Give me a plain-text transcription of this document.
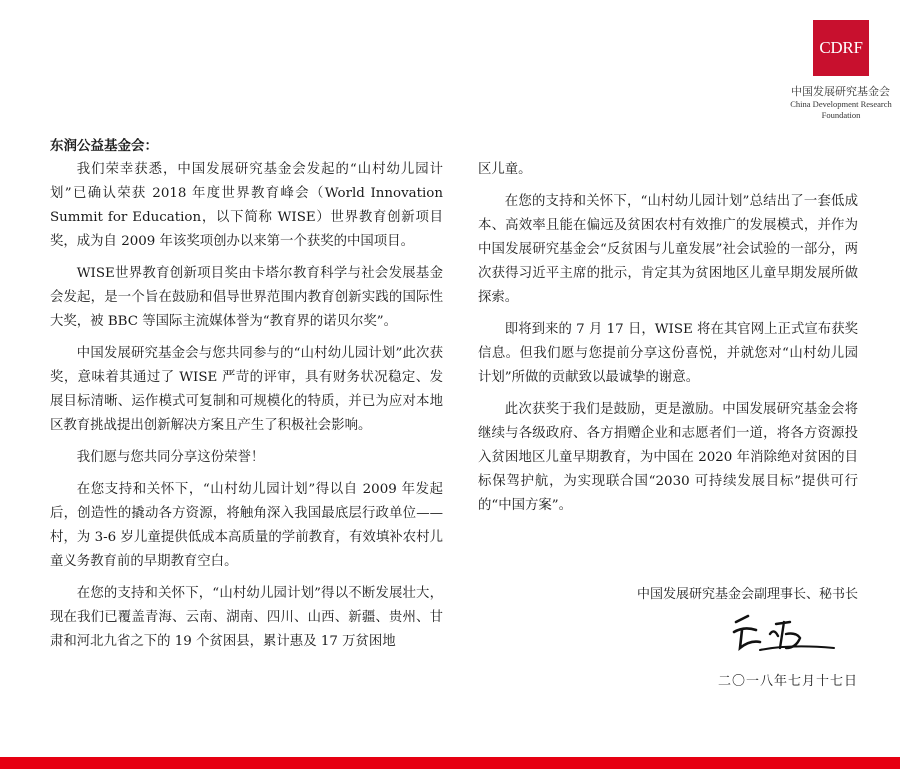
CDRF
中国发展研究基金会
China Development Research Foundation
东润公益基金会：

我们荣幸获悉，中国发展研究基金会发起的“山村幼儿园计划”已确认荣获 2018 年度世界教育峰会（World Innovation Summit for Education，以下简称 WISE）世界教育创新项目奖，成为自 2009 年该奖项创办以来第一个获奖的中国项目。

WISE世界教育创新项目奖由卡塔尔教育科学与社会发展基金会发起，是一个旨在鼓励和倡导世界范围内教育创新实践的国际性大奖，被 BBC 等国际主流媒体誉为“教育界的诺贝尔奖”。

中国发展研究基金会与您共同参与的“山村幼儿园计划”此次获奖，意味着其通过了 WISE 严苛的评审，具有财务状况稳定、发展目标清晰、运作模式可复制和可规模化的特质，并已为应对本地区教育挑战提出创新解决方案且产生了积极社会影响。

我们愿与您共同分享这份荣誉！

在您支持和关怀下，“山村幼儿园计划”得以自 2009 年发起后，创造性的撬动各方资源，将触角深入我国最底层行政单位——村，为 3-6 岁儿童提供低成本高质量的学前教育，有效填补农村儿童义务教育前的早期教育空白。

在您的支持和关怀下，“山村幼儿园计划”得以不断发展壮大，现在我们已覆盖青海、云南、湖南、四川、山西、新疆、贵州、甘肃和河北九省之下的 19 个贫困县，累计惠及 17 万贫困地

区儿童。

在您的支持和关怀下，“山村幼儿园计划”总结出了一套低成本、高效率且能在偏远及贫困农村有效推广的发展模式，并作为中国发展研究基金会“反贫困与儿童发展”社会试验的一部分，两次获得习近平主席的批示，肯定其为贫困地区儿童早期发展所做探索。

即将到来的 7 月 17 日，WISE 将在其官网上正式宣布获奖信息。但我们愿与您提前分享这份喜悦，并就您对“山村幼儿园计划”所做的贡献致以最诚挚的谢意。

此次获奖于我们是鼓励，更是激励。中国发展研究基金会将继续与各级政府、各方捐赠企业和志愿者们一道，将各方资源投入贫困地区儿童早期教育，为中国在 2020 年消除绝对贫困的目标保驾护航，为实现联合国“2030 可持续发展目标”提供可行的“中国方案”。

中国发展研究基金会副理事长、秘书长
二〇一八年七月十七日
